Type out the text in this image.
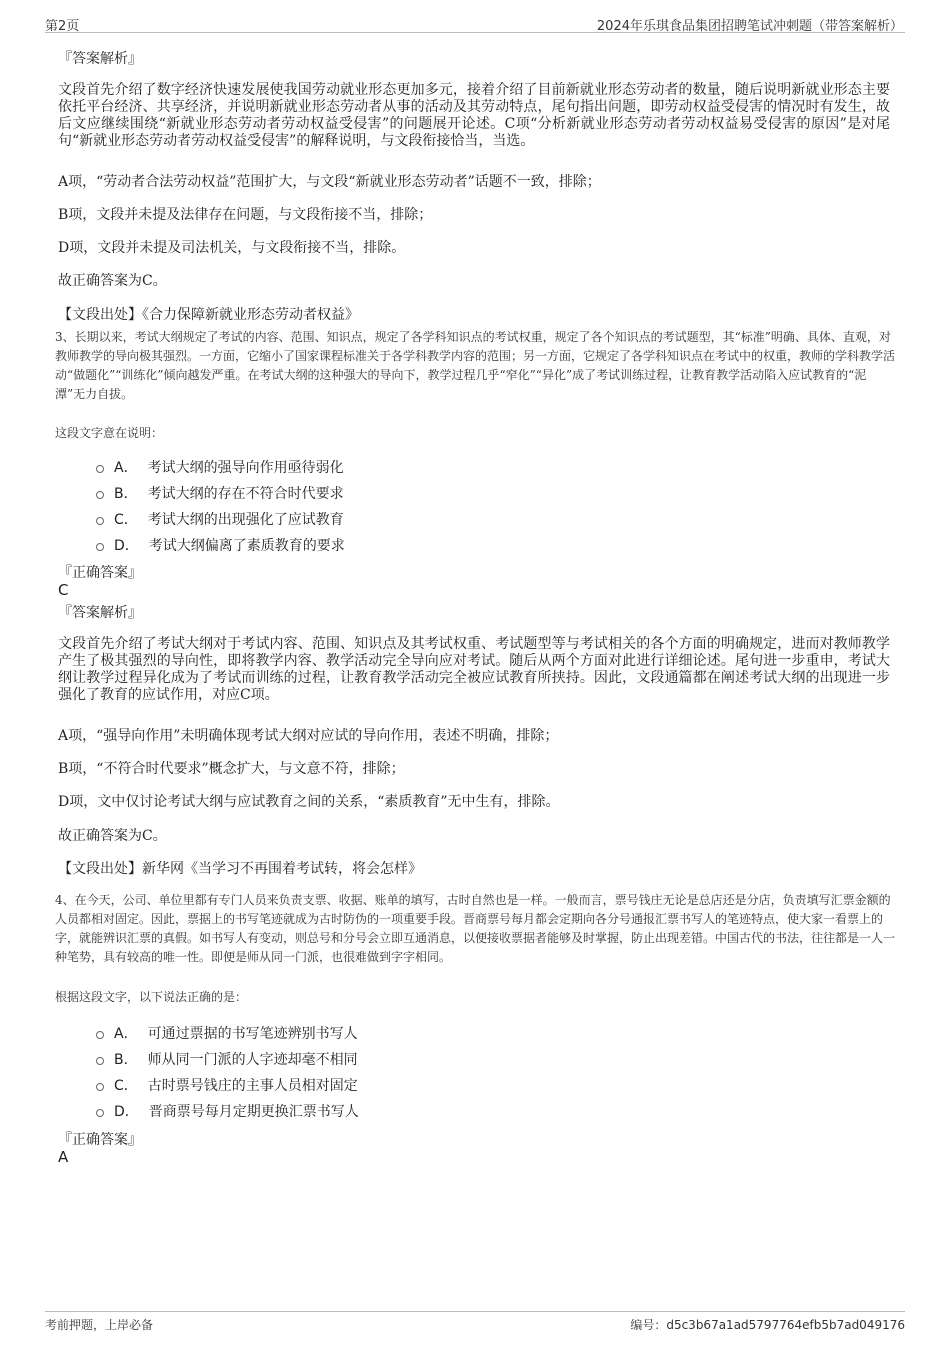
第2页	2024年乐琪食品集团招聘笔试冲刺题（带答案解析）
『答案解析』

文段首先介绍了数字经济快速发展使我国劳动就业形态更加多元，接着介绍了目前新就业形态劳动者的数量，随后说明新就业形态主要依托平台经济、共享经济，并说明新就业形态劳动者从事的活动及其劳动特点，尾句指出问题，即劳动权益受侵害的情况时有发生，故后文应继续围绕“新就业形态劳动者劳动权益受侵害”的问题展开论述。C项“分析新就业形态劳动者劳动权益易受侵害的原因”是对尾句“新就业形态劳动者劳动权益受侵害”的解释说明，与文段衔接恰当，当选。

A项，“劳动者合法劳动权益”范围扩大，与文段“新就业形态劳动者”话题不一致，排除；
B项，文段并未提及法律存在问题，与文段衔接不当，排除；
D项，文段并未提及司法机关，与文段衔接不当，排除。
故正确答案为C。
【文段出处】《合力保障新就业形态劳动者权益》

3、长期以来，考试大纲规定了考试的内容、范围、知识点，规定了各学科知识点的考试权重，规定了各个知识点的考试题型，其“标准”明确、具体、直观，对教师教学的导向极其强烈。一方面，它缩小了国家课程标准关于各学科教学内容的范围；另一方面，它规定了各学科知识点在考试中的权重，教师的学科教学活动“做题化”“训练化”倾向越发严重。在考试大纲的这种强大的导向下，教学过程几乎“窄化”“异化”成了考试训练过程，让教育教学活动陷入应试教育的“泥潭”无力自拔。

这段文字意在说明：
A． 考试大纲的强导向作用亟待弱化
B． 考试大纲的存在不符合时代要求
C． 考试大纲的出现强化了应试教育
D． 考试大纲偏离了素质教育的要求
『正确答案』
C
『答案解析』

文段首先介绍了考试大纲对于考试内容、范围、知识点及其考试权重、考试题型等与考试相关的各个方面的明确规定，进而对教师教学产生了极其强烈的导向性，即将教学内容、教学活动完全导向应对考试。随后从两个方面对此进行详细论述。尾句进一步重申，考试大纲让教学过程异化成为了考试而训练的过程，让教育教学活动完全被应试教育所挟持。因此，文段通篇都在阐述考试大纲的出现进一步强化了教育的应试作用，对应C项。

A项，“强导向作用”未明确体现考试大纲对应试的导向作用，表述不明确，排除；
B项，“不符合时代要求”概念扩大，与文意不符，排除；
D项，文中仅讨论考试大纲与应试教育之间的关系，“素质教育”无中生有，排除。
故正确答案为C。
【文段出处】新华网《当学习不再围着考试转，将会怎样》

4、在今天，公司、单位里都有专门人员来负责支票、收据、账单的填写，古时自然也是一样。一般而言，票号钱庄无论是总店还是分店，负责填写汇票金额的人员都相对固定。因此，票据上的书写笔迹就成为古时防伪的一项重要手段。晋商票号每月都会定期向各分号通报汇票书写人的笔迹特点，使大家一看票上的字，就能辨识汇票的真假。如书写人有变动，则总号和分号会立即互通消息，以便接收票据者能够及时掌握，防止出现差错。中国古代的书法，往往都是一人一种笔势，具有较高的唯一性。即便是师从同一门派，也很难做到字字相同。

根据这段文字，以下说法正确的是：
A． 可通过票据的书写笔迹辨别书写人
B． 师从同一门派的人字迹却毫不相同
C． 古时票号钱庄的主事人员相对固定
D． 晋商票号每月定期更换汇票书写人
『正确答案』
A
考前押题，上岸必备	编号：d5c3b67a1ad5797764efb5b7ad049176
